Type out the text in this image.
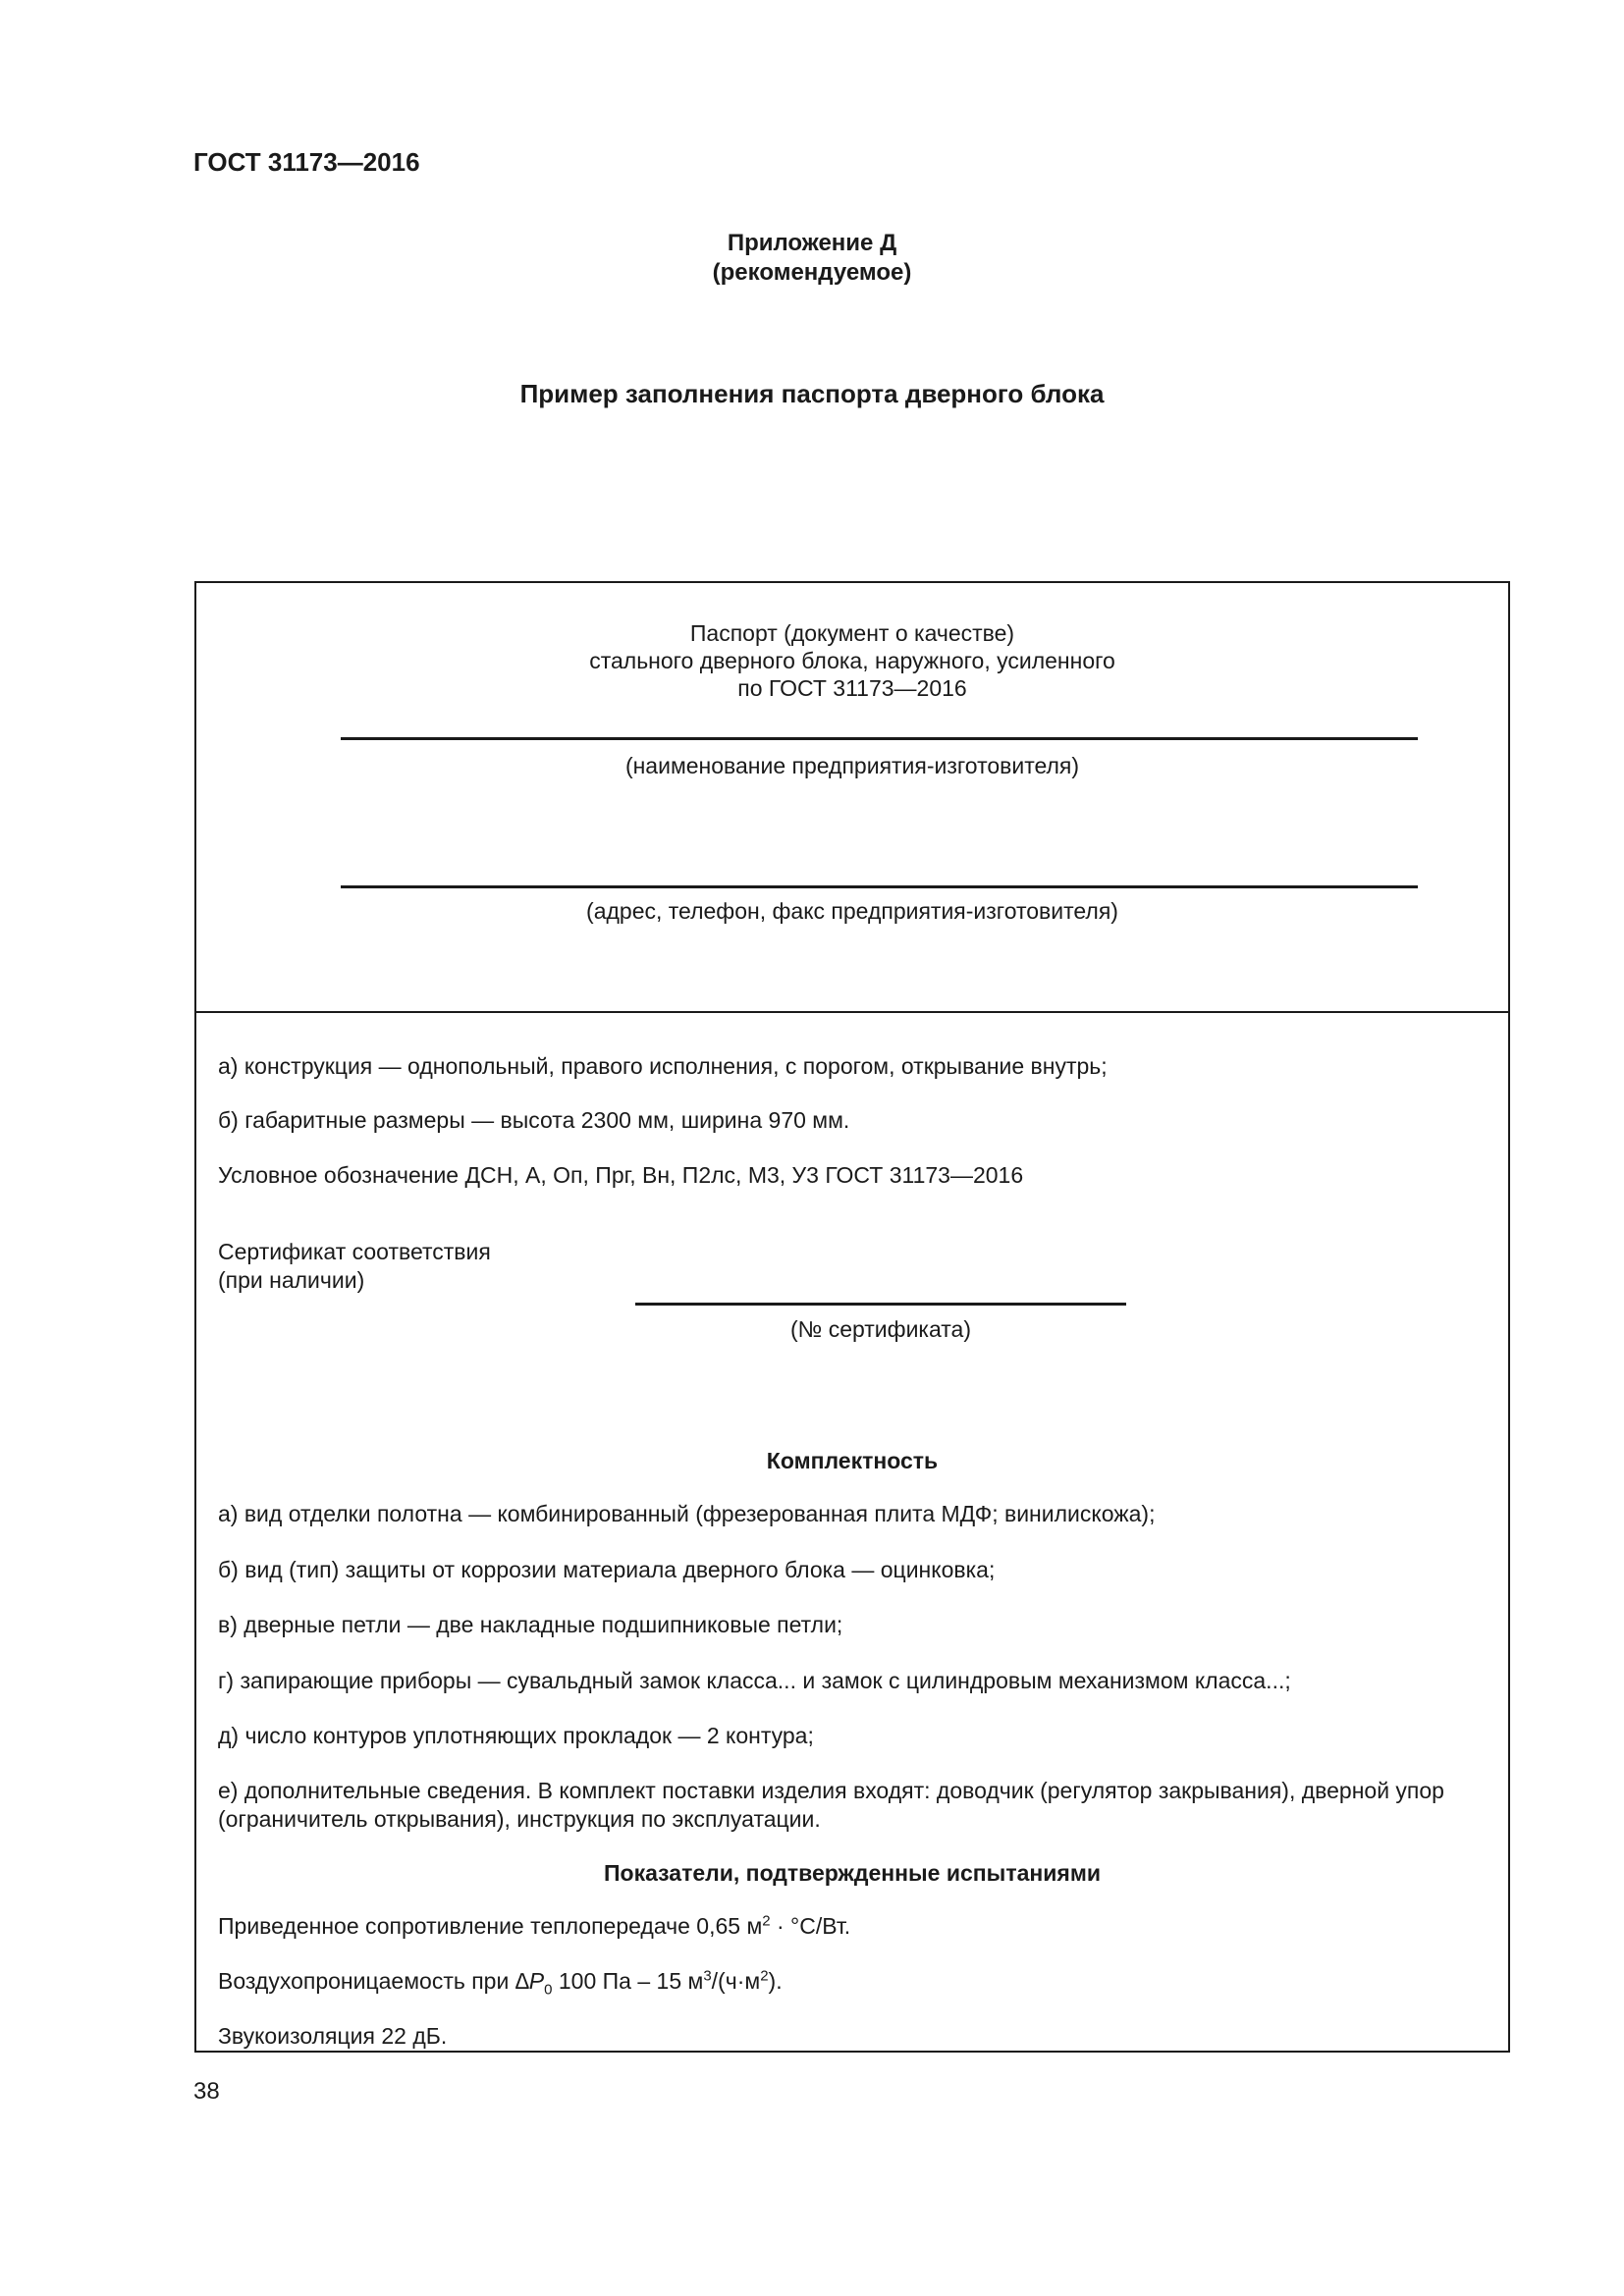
ГОСТ 31173—2016
Приложение Д
(рекомендуемое)
Пример заполнения паспорта дверного блока
Паспорт (документ о качестве)
стального дверного блока, наружного, усиленного
по ГОСТ 31173—2016
(наименование предприятия-изготовителя)
(адрес, телефон, факс предприятия-изготовителя)
а) конструкция — однопольный, правого исполнения, с порогом, открывание внутрь;
б) габаритные размеры — высота 2300 мм, ширина 970 мм.
Условное обозначение ДСН, А, Оп, Прг, Вн, П2лс, М3, У3 ГОСТ 31173—2016
Сертификат соответствия
(при наличии)
(№ сертификата)
Комплектность
а) вид отделки полотна — комбинированный (фрезерованная плита МДФ; винилискожа);
б) вид (тип) защиты от коррозии материала дверного блока — оцинковка;
в) дверные петли — две накладные подшипниковые петли;
г) запирающие приборы — сувальдный замок класса... и замок с цилиндровым механизмом класса...;
д) число контуров уплотняющих прокладок — 2 контура;
е) дополнительные сведения. В комплект поставки изделия входят: доводчик (регулятор закрывания), дверной упор (ограничитель открывания), инструкция по эксплуатации.
Показатели, подтвержденные испытаниями
Приведенное сопротивление теплопередаче 0,65 $м^2 \cdot ^\circ С/Вт$.
Воздухопроницаемость при $\Delta P_0$ 100 Па – 15 $м^3/(ч\cdot м^2)$.
Звукоизоляция 22 дБ.
38
